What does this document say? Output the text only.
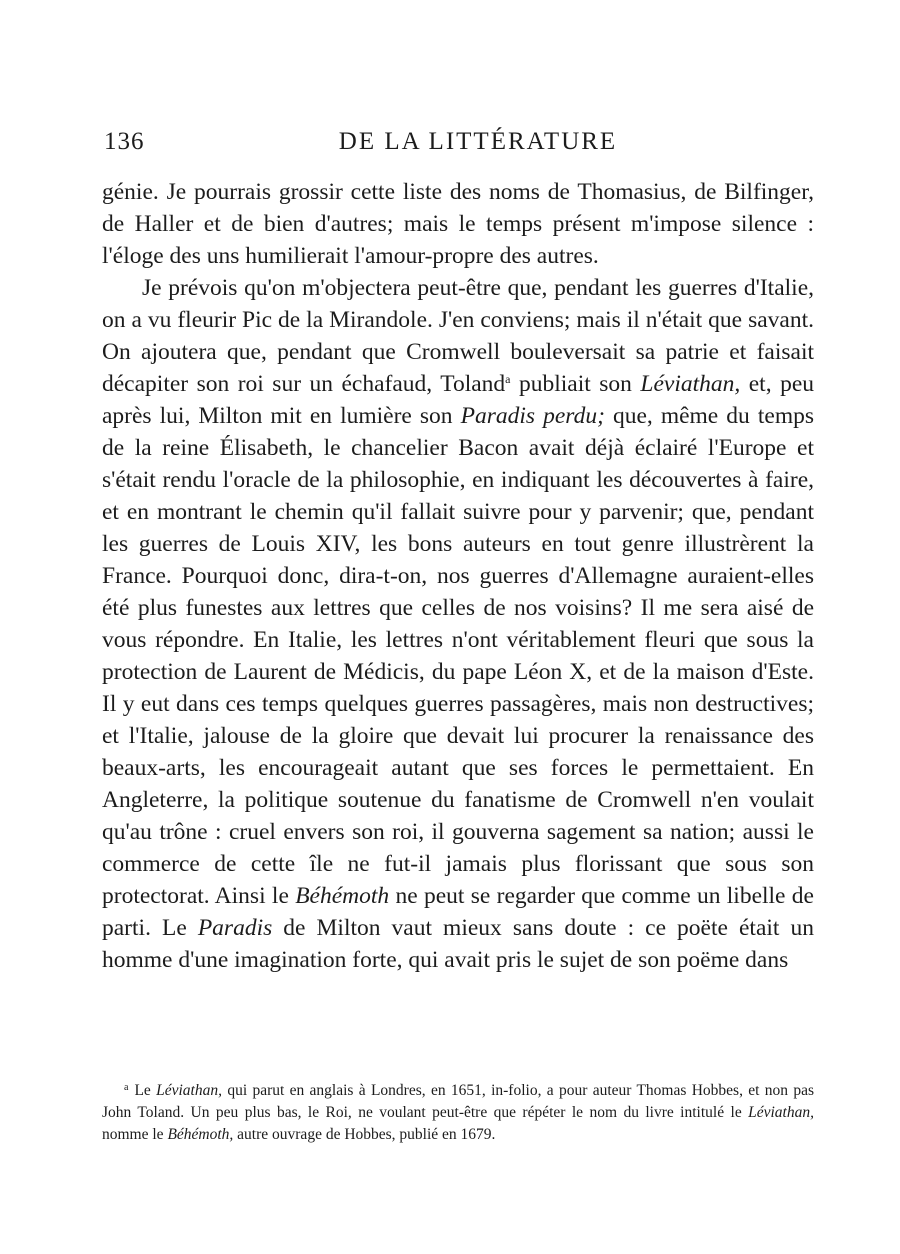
136	DE LA LITTÉRATURE

génie. Je pourrais grossir cette liste des noms de Thomasius, de Bilfinger, de Haller et de bien d'autres; mais le temps présent m'impose silence : l'éloge des uns humilierait l'amour-propre des autres.

Je prévois qu'on m'objectera peut-être que, pendant les guerres d'Italie, on a vu fleurir Pic de la Mirandole. J'en conviens; mais il n'était que savant. On ajoutera que, pendant que Cromwell bouleversait sa patrie et faisait décapiter son roi sur un échafaud, Toland$^a$ publiait son Léviathan, et, peu après lui, Milton mit en lumière son Paradis perdu; que, même du temps de la reine Élisabeth, le chancelier Bacon avait déjà éclairé l'Europe et s'était rendu l'oracle de la philosophie, en indiquant les découvertes à faire, et en montrant le chemin qu'il fallait suivre pour y parvenir; que, pendant les guerres de Louis XIV, les bons auteurs en tout genre illustrèrent la France. Pourquoi donc, dira-t-on, nos guerres d'Allemagne auraient-elles été plus funestes aux lettres que celles de nos voisins? Il me sera aisé de vous répondre. En Italie, les lettres n'ont véritablement fleuri que sous la protection de Laurent de Médicis, du pape Léon X, et de la maison d'Este. Il y eut dans ces temps quelques guerres passagères, mais non destructives; et l'Italie, jalouse de la gloire que devait lui procurer la renaissance des beaux-arts, les encourageait autant que ses forces le permettaient. En Angleterre, la politique soutenue du fanatisme de Cromwell n'en voulait qu'au trône : cruel envers son roi, il gouverna sagement sa nation; aussi le commerce de cette île ne fut-il jamais plus florissant que sous son protectorat. Ainsi le Béhémoth ne peut se regarder que comme un libelle de parti. Le Paradis de Milton vaut mieux sans doute : ce poëte était un homme d'une imagination forte, qui avait pris le sujet de son poëme dans

$^a$ Le Léviathan, qui parut en anglais à Londres, en 1651, in-folio, a pour auteur Thomas Hobbes, et non pas John Toland. Un peu plus bas, le Roi, ne voulant peut-être que répéter le nom du livre intitulé le Léviathan, nomme le Béhémoth, autre ouvrage de Hobbes, publié en 1679.
